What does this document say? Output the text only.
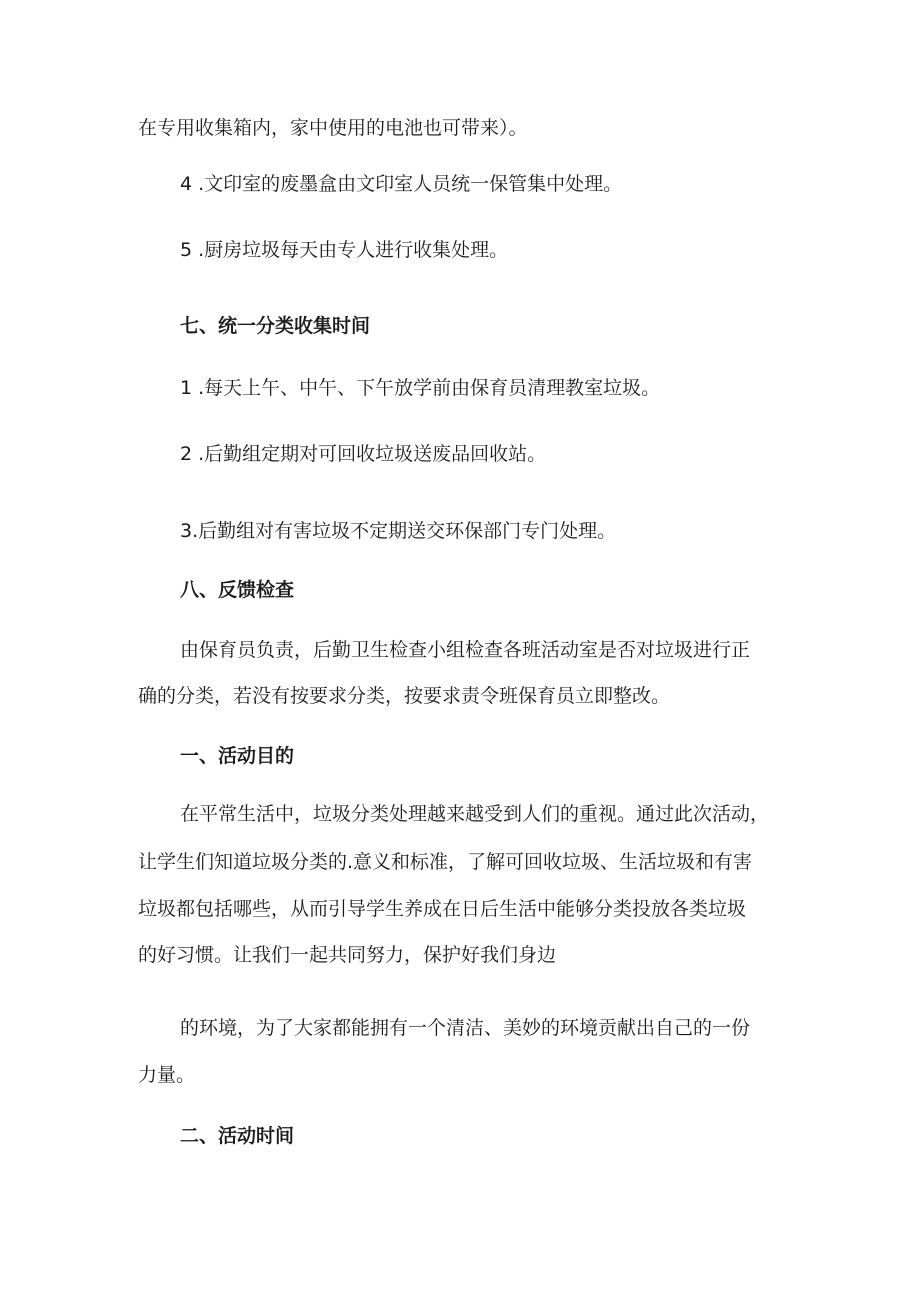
在专用收集箱内，家中使用的电池也可带来）。
4 .文印室的废墨盒由文印室人员统一保管集中处理。
5 .厨房垃圾每天由专人进行收集处理。
七、统一分类收集时间
1 .每天上午、中午、下午放学前由保育员清理教室垃圾。
2 .后勤组定期对可回收垃圾送废品回收站。
3.后勤组对有害垃圾不定期送交环保部门专门处理。
八、反馈检查
由保育员负责，后勤卫生检查小组检查各班活动室是否对垃圾进行正
确的分类，若没有按要求分类，按要求责令班保育员立即整改。
一、活动目的
在平常生活中，垃圾分类处理越来越受到人们的重视。通过此次活动，
让学生们知道垃圾分类的.意义和标准，了解可回收垃圾、生活垃圾和有害
垃圾都包括哪些，从而引导学生养成在日后生活中能够分类投放各类垃圾
的好习惯。让我们一起共同努力，保护好我们身边
的环境，为了大家都能拥有一个清洁、美妙的环境贡献出自己的一份
力量。
二、活动时间
